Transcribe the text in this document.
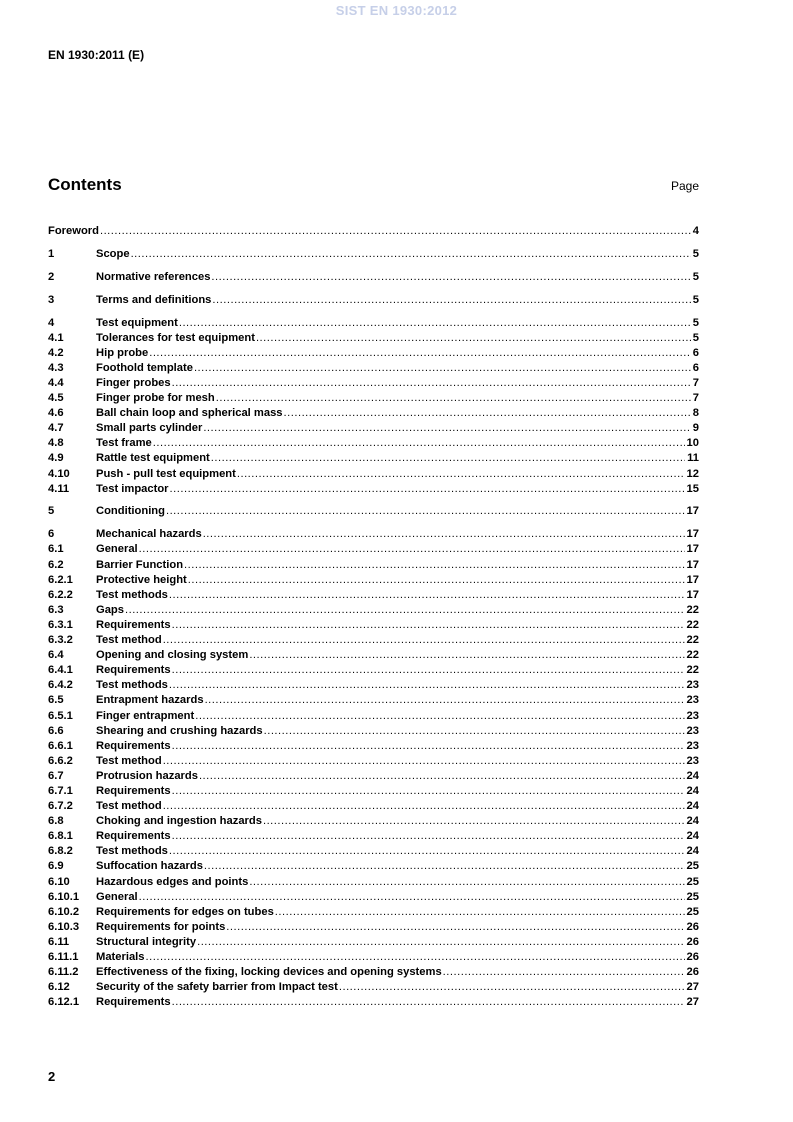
SIST EN 1930:2012
EN 1930:2011 (E)
Contents	Page
Foreword .....	4
1	Scope .....	5
2	Normative references .....	5
3	Terms and definitions .....	5
4	Test equipment .....	5
4.1	Tolerances for test equipment .....	5
4.2	Hip probe .....	6
4.3	Foothold template .....	6
4.4	Finger probes .....	7
4.5	Finger probe for mesh .....	7
4.6	Ball chain loop and spherical mass .....	8
4.7	Small parts cylinder .....	9
4.8	Test frame .....	10
4.9	Rattle test equipment .....	11
4.10 Push - pull test equipment .....	12
4.11 Test impactor .....	15
5	Conditioning .....	17
6	Mechanical hazards .....	17
6.1	General .....	17
6.2	Barrier Function .....	17
6.2.1 Protective height .....	17
6.2.2 Test methods .....	17
6.3	Gaps .....	22
6.3.1 Requirements .....	22
6.3.2 Test method .....	22
6.4	Opening and closing system .....	22
6.4.1 Requirements .....	22
6.4.2 Test methods .....	23
6.5	Entrapment hazards .....	23
6.5.1 Finger entrapment .....	23
6.6	Shearing and crushing hazards .....	23
6.6.1 Requirements .....	23
6.6.2 Test method .....	23
6.7	Protrusion hazards .....	24
6.7.1 Requirements .....	24
6.7.2 Test method .....	24
6.8	Choking and ingestion hazards .....	24
6.8.1 Requirements .....	24
6.8.2 Test methods .....	24
6.9	Suffocation hazards .....	25
6.10 Hazardous edges and points .....	25
6.10.1 General .....	25
6.10.2 Requirements for edges on tubes .....	25
6.10.3 Requirements for points .....	26
6.11 Structural integrity .....	26
6.11.1 Materials .....	26
6.11.2 Effectiveness of the fixing, locking devices and opening systems .....	26
6.12 Security of the safety barrier from Impact test .....	27
6.12.1 Requirements .....	27
2
